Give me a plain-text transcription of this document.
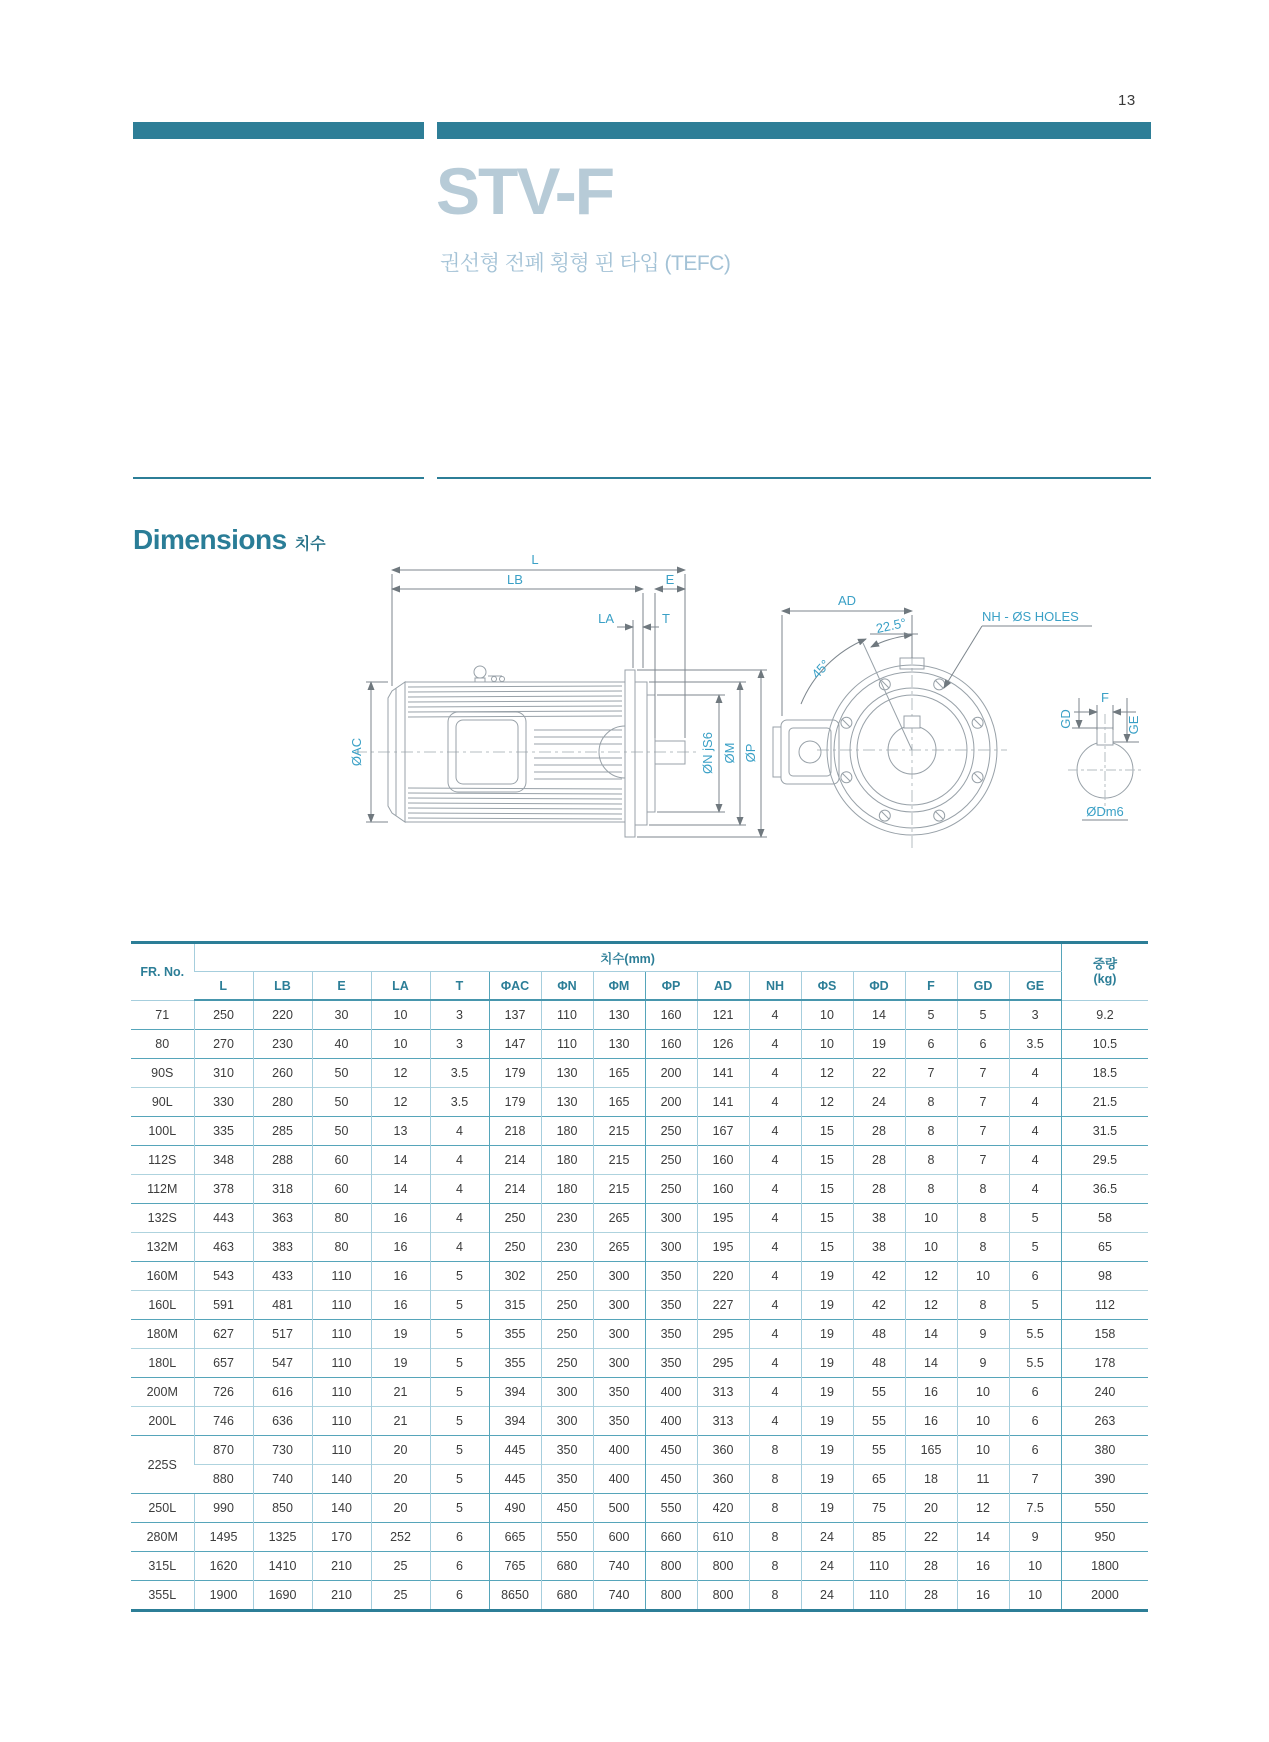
13
STV-F
권선형 전폐 횡형 핀 타입 (TEFC)
Dimensions 치수
L
LB	E
LA	T
ØAC	ØN jS6 ØM ØP
AD
22.5°
45°
NH - ØS HOLES
F
GD	GE
ØDm6
FR. No.	치수(mm)																중량
(kg)

	L	LB	E	LA	T	ΦAC	ΦN	ΦM	ΦP	AD	NH	ΦS	ΦD	F	GD	GE	
71	250	220	30	10	3	137	110	130	160	121	4	10	14	5	5	3	9.2
80	270	230	40	10	3	147	110	130	160	126	4	10	19	6	6	3.5	10.5
90S	310	260	50	12	3.5	179	130	165	200	141	4	12	22	7	7	4	18.5
90L	330	280	50	12	3.5	179	130	165	200	141	4	12	24	8	7	4	21.5
100L	335	285	50	13	4	218	180	215	250	167	4	15	28	8	7	4	31.5
112S	348	288	60	14	4	214	180	215	250	160	4	15	28	8	7	4	29.5
112M	378	318	60	14	4	214	180	215	250	160	4	15	28	8	8	4	36.5
132S	443	363	80	16	4	250	230	265	300	195	4	15	38	10	8	5	58
132M	463	383	80	16	4	250	230	265	300	195	4	15	38	10	8	5	65
160M	543	433	110	16	5	302	250	300	350	220	4	19	42	12	10	6	98
160L	591	481	110	16	5	315	250	300	350	227	4	19	42	12	8	5	112
180M	627	517	110	19	5	355	250	300	350	295	4	19	48	14	9	5.5	158
180L	657	547	110	19	5	355	250	300	350	295	4	19	48	14	9	5.5	178
200M	726	616	110	21	5	394	300	350	400	313	4	19	55	16	10	6	240
200L	746	636	110	21	5	394	300	350	400	313	4	19	55	16	10	6	263
225S	870	730	110	20	5	445	350	400	450	360	8	19	55	165	10	6	380
	880	740	140	20	5	445	350	400	450	360	8	19	65	18	11	7	390
250L	990	850	140	20	5	490	450	500	550	420	8	19	75	20	12	7.5	550
280M	1495	1325	170	252	6	665	550	600	660	610	8	24	85	22	14	9	950
315L	1620	1410	210	25	6	765	680	740	800	800	8	24	110	28	16	10	1800
355L	1900	1690	210	25	6	8650	680	740	800	800	8	24	110	28	16	10	2000
